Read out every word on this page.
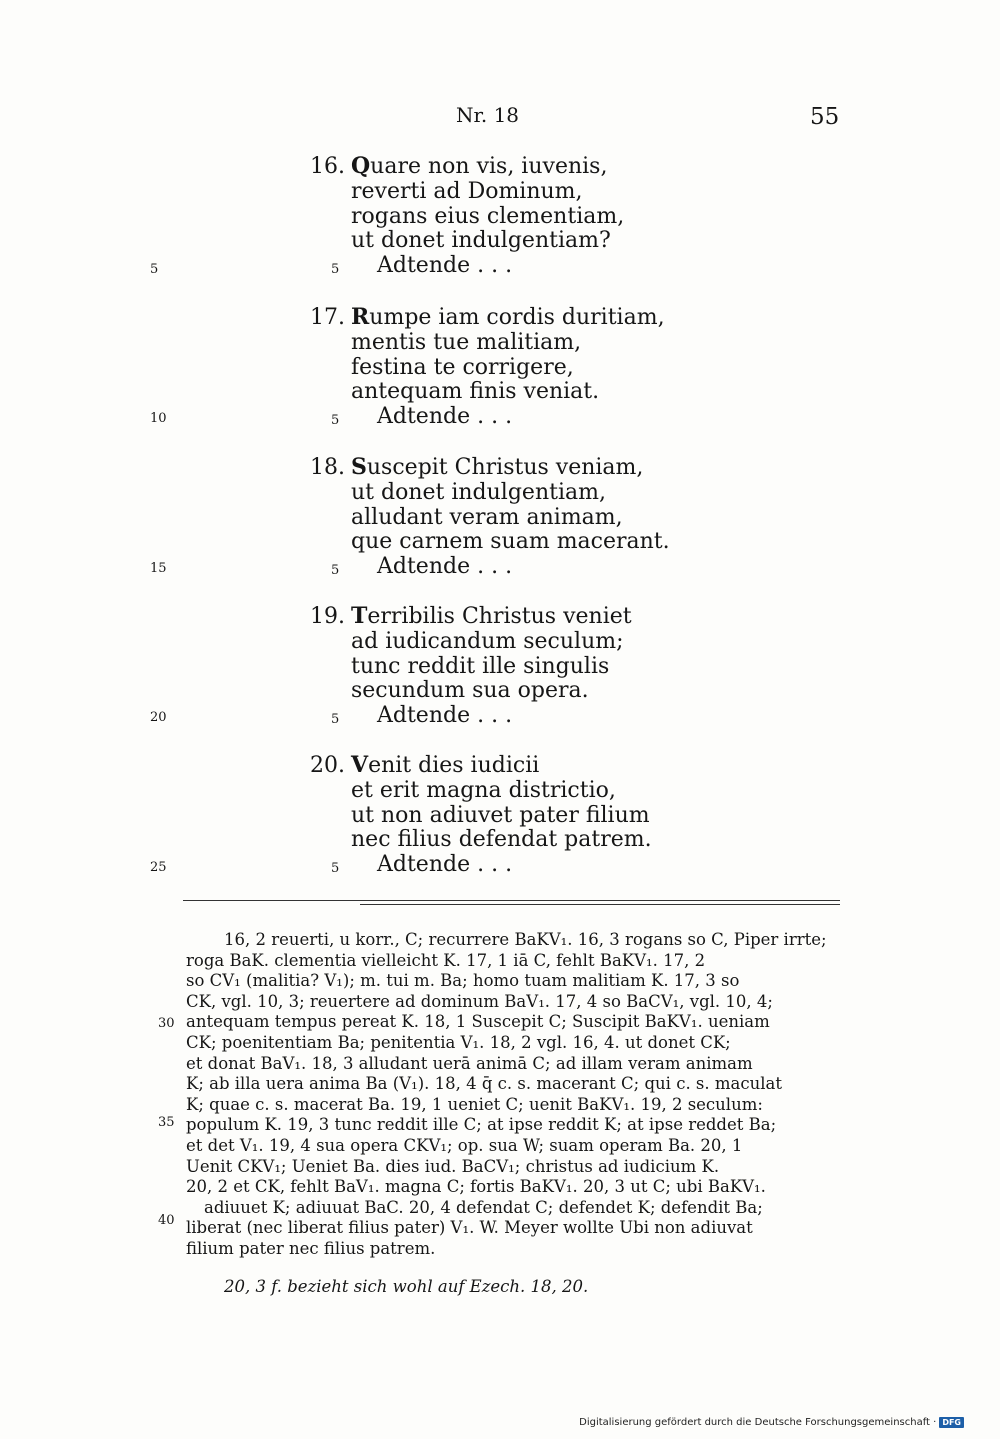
Nr. 18	55
16. Quare non vis, iuvenis,
reverti ad Dominum,
rogans eius clementiam,
ut donet indulgentiam?
5 Adtende . . .
17. Rumpe iam cordis duritiam,
mentis tue malitiam,
festina te corrigere,
antequam finis veniat.
5 Adtende . . .
18. Suscepit Christus veniam,
ut donet indulgentiam,
alludant veram animam,
que carnem suam macerant.
5 Adtende . . .
19. Terribilis Christus veniet
ad iudicandum seculum;
tunc reddit ille singulis
secundum sua opera.
5 Adtende . . .
20. Venit dies iudicii
et erit magna districtio,
ut non adiuvet pater filium
nec filius defendat patrem.
5 Adtende . . .
5
10
15
20
25
16, 2 reuerti, u korr., C; recurrere BaKV₁. 16, 3 rogans so C, Piper irrte;
roga BaK. clementia vielleicht K. 17, 1 iā C, fehlt BaKV₁. 17, 2
so CV₁ (malitia? V₁); m. tui m. Ba; homo tuam malitiam K. 17, 3 so
CK, vgl. 10, 3; reuertere ad dominum BaV₁. 17, 4 so BaCV₁, vgl. 10, 4;
antequam tempus pereat K. 18, 1 Suscepit C; Suscipit BaKV₁. ueniam
CK; poenitentiam Ba; penitentia V₁. 18, 2 vgl. 16, 4. ut donet CK;
et donat BaV₁. 18, 3 alludant uerā animā C; ad illam veram animam
K; ab illa uera anima Ba (V₁). 18, 4 q̄ c. s. macerant C; qui c. s. maculat
K; quae c. s. macerat Ba. 19, 1 ueniet C; uenit BaKV₁. 19, 2 seculum:
populum K. 19, 3 tunc reddit ille C; at ipse reddit K; at ipse reddet Ba;
et det V₁. 19, 4 sua opera CKV₁; op. sua W; suam operam Ba. 20, 1
Uenit CKV₁; Ueniet Ba. dies iud. BaCV₁; christus ad iudicium K.
20, 2 et CK, fehlt BaV₁. magna C; fortis BaKV₁. 20, 3 ut C; ubi BaKV₁.
adiuuet K; adiuuat BaC. 20, 4 defendat C; defendet K; defendit Ba;
liberat (nec liberat filius pater) V₁. W. Meyer wollte Ubi non adiuvat
filium pater nec filius patrem.
30
35
40
20, 3 f. bezieht sich wohl auf Ezech. 18, 20.
Digitalisierung gefördert durch die Deutsche Forschungsgemeinschaft · DFG
